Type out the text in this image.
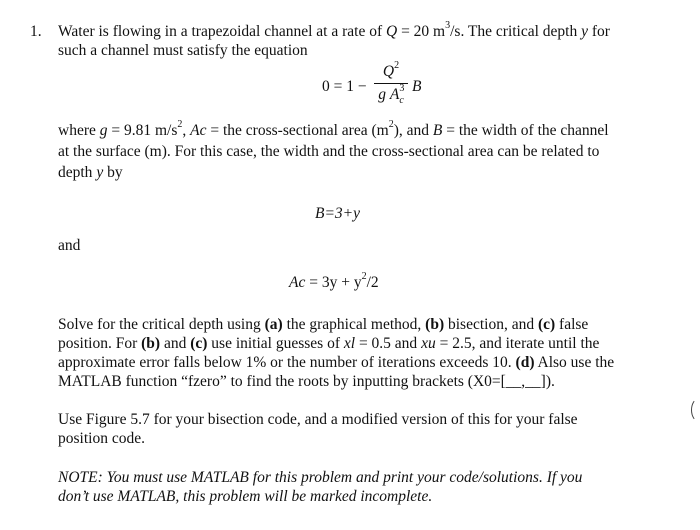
1. Water is flowing in a trapezoidal channel at a rate of Q = 20 $m^3/s$. The critical depth y for
such a channel must satisfy the equation
0 = 1 −
$Q^2$
g $A^3_c$
B
where g = 9.81 $m/s^2$, Ac = the cross-sectional area $(m^2)$, and B = the width of the channel
at the surface (m). For this case, the width and the cross-sectional area can be related to
depth y by
B=3+y
and
$Ac = 3y + y^2/2$
Solve for the critical depth using (a) the graphical method, (b) bisection, and (c) false
position. For (b) and (c) use initial guesses of xl = 0.5 and xu = 2.5, and iterate until the
approximate error falls below 1% or the number of iterations exceeds 10. (d) Also use the
MATLAB function “fzero” to find the roots by inputting brackets (X0=[__,__]).
Use Figure 5.7 for your bisection code, and a modified version of this for your false
position code.
NOTE: You must use MATLAB for this problem and print your code/solutions. If you
don’t use MATLAB, this problem will be marked incomplete.
